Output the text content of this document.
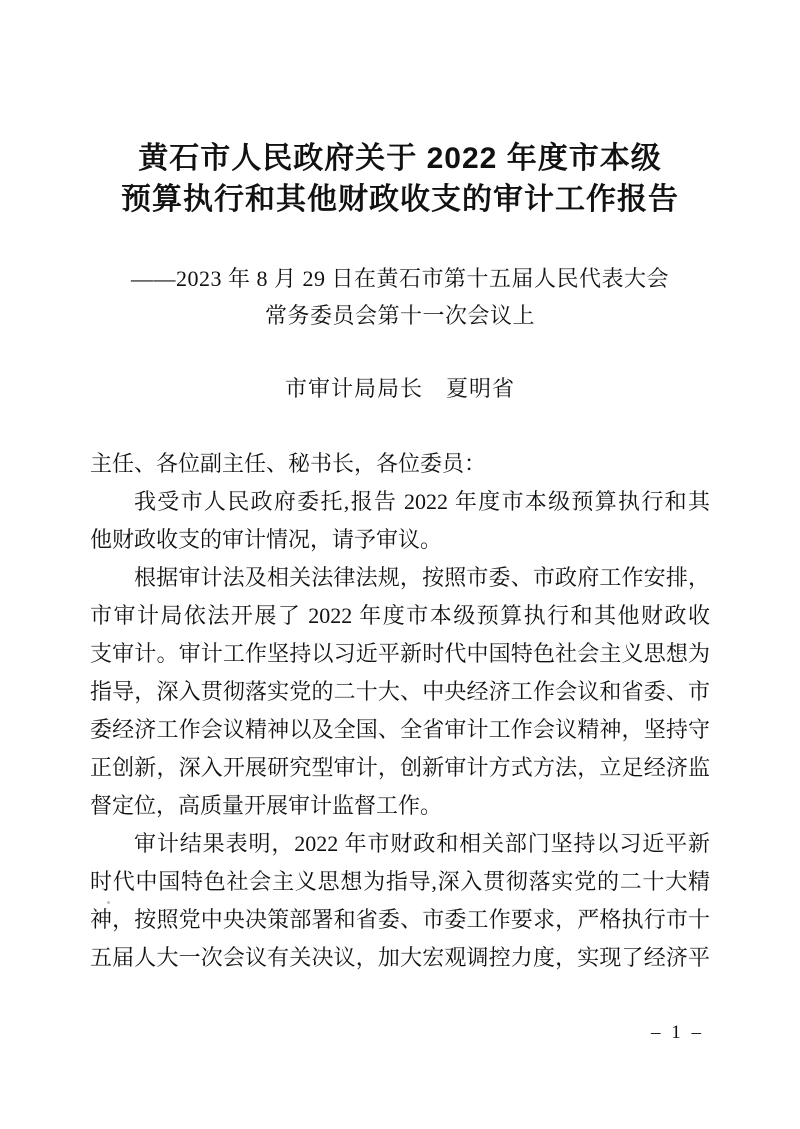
黄石市人民政府关于 2022 年度市本级
预算执行和其他财政收支的审计工作报告
——2023 年 8 月 29 日在黄石市第十五届人民代表大会
常务委员会第十一次会议上
市审计局局长　夏明省
主任、各位副主任、秘书长，各位委员：
我受市人民政府委托,报告 2022 年度市本级预算执行和其
他财政收支的审计情况，请予审议。
根据审计法及相关法律法规，按照市委、市政府工作安排，
市审计局依法开展了 2022 年度市本级预算执行和其他财政收
支审计。审计工作坚持以习近平新时代中国特色社会主义思想为
指导，深入贯彻落实党的二十大、中央经济工作会议和省委、市
委经济工作会议精神以及全国、全省审计工作会议精神，坚持守
正创新，深入开展研究型审计，创新审计方式方法，立足经济监
督定位，高质量开展审计监督工作。
审计结果表明，2022 年市财政和相关部门坚持以习近平新
时代中国特色社会主义思想为指导,深入贯彻落实党的二十大精
神，按照党中央决策部署和省委、市委工作要求，严格执行市十
五届人大一次会议有关决议，加大宏观调控力度，实现了经济平
– 1 –
